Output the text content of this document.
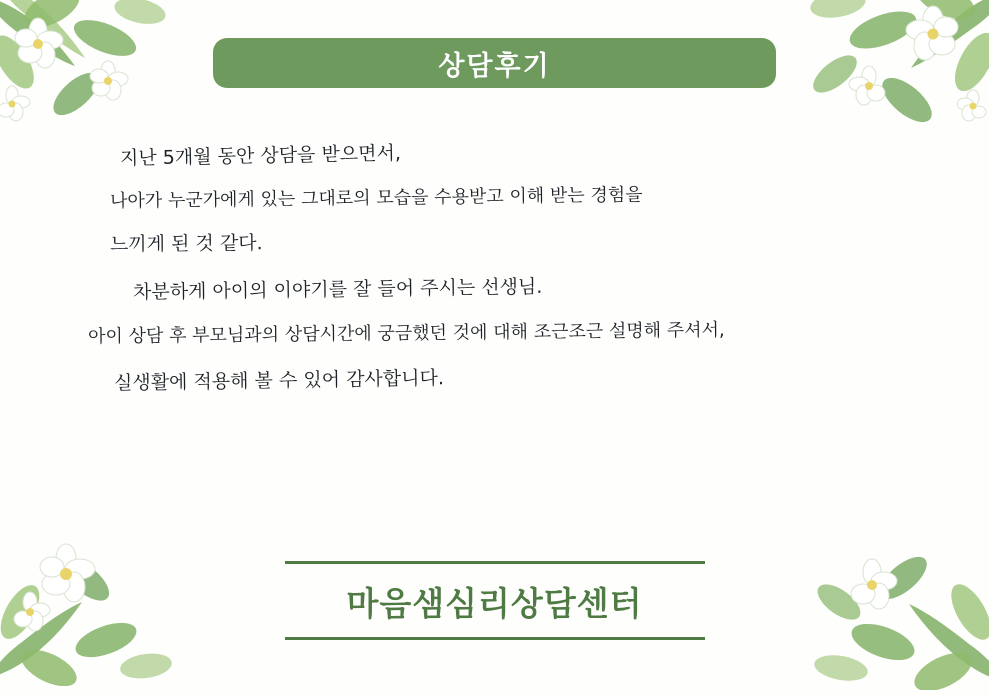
상담후기
지난 5개월 동안 상담을 받으면서,
나아가 누군가에게 있는 그대로의 모습을 수용받고 이해 받는 경험을
느끼게 된 것 같다.
차분하게 아이의 이야기를 잘 들어 주시는 선생님.
아이 상담 후 부모님과의 상담시간에 궁금했던 것에 대해 조근조근 설명해 주셔서,
실생활에 적용해 볼 수 있어 감사합니다.
마음샘심리상담센터
